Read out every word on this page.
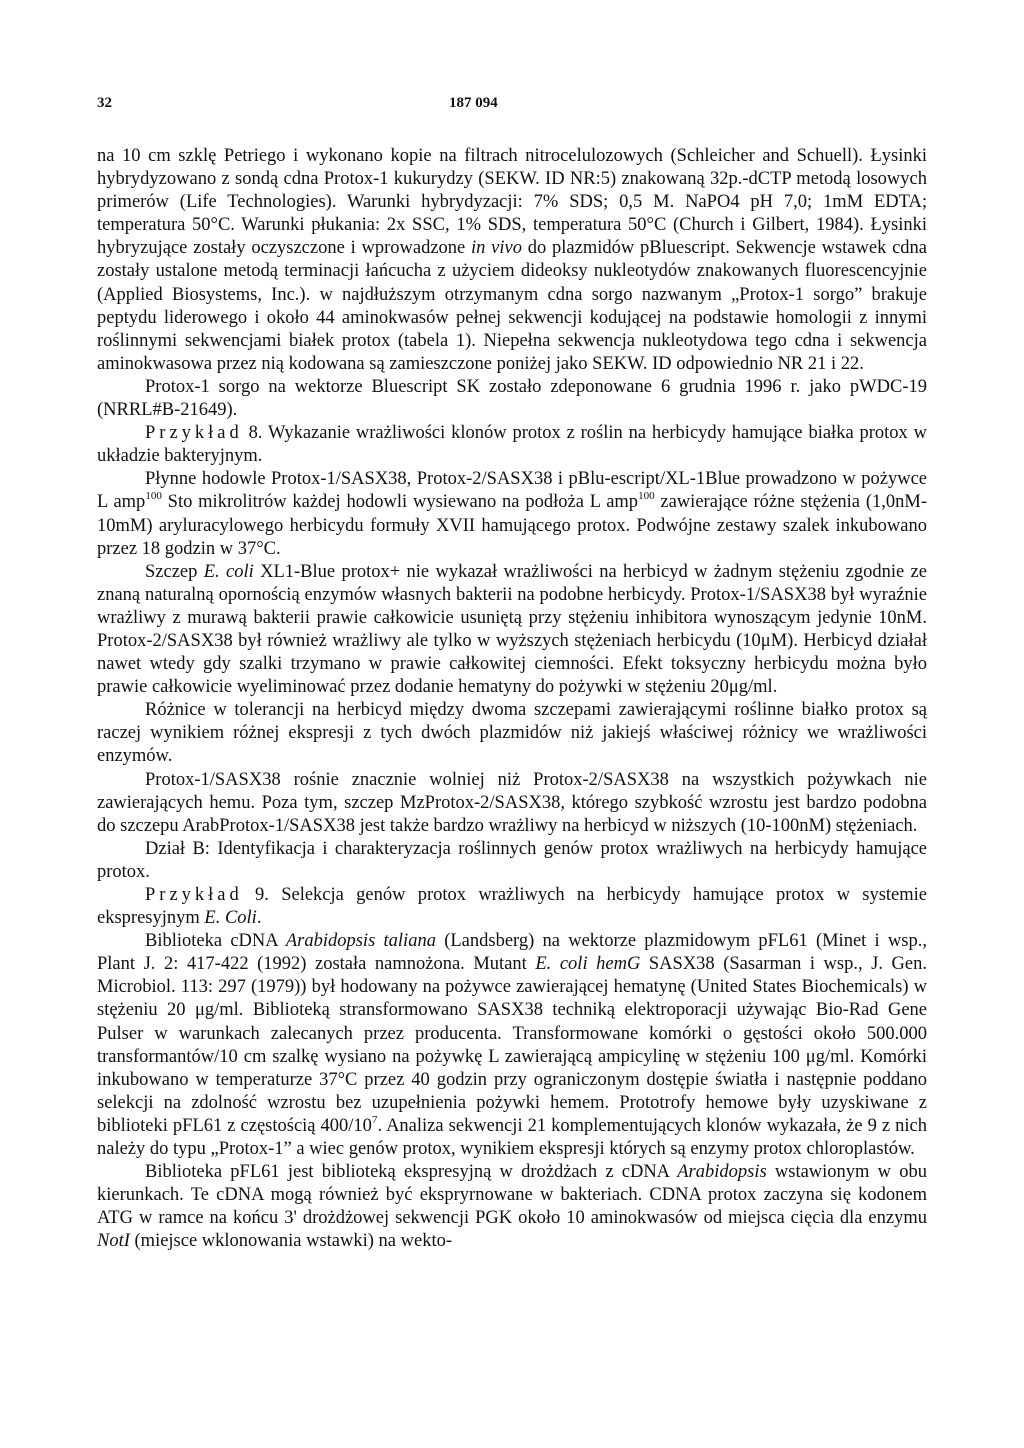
32	187 094

na 10 cm szklę Petriego i wykonano kopie na filtrach nitrocelulozowych (Schleicher and Schuell). Łysinki hybrydyzowano z sondą cdna Protox-1 kukurydzy (SEKW. ID NR:5) znakowaną 32p.-dCTP metodą losowych primerów (Life Technologies). Warunki hybrydyzacji: 7% SDS; 0,5 M. NaPO4 pH 7,0; 1mM EDTA; temperatura 50°C. Warunki płukania: 2x SSC, 1% SDS, temperatura 50°C (Church i Gilbert, 1984). Łysinki hybryzujące zostały oczyszczone i wprowadzone in vivo do plazmidów pBluescript. Sekwencje wstawek cdna zostały ustalone metodą terminacji łańcucha z użyciem dideoksy nukleotydów znakowanych fluorescencyjnie (Applied Biosystems, Inc.). w najdłuższym otrzymanym cdna sorgo nazwanym „Protox-1 sorgo” brakuje peptydu liderowego i około 44 aminokwasów pełnej sekwencji kodującej na podstawie homologii z innymi roślinnymi sekwencjami białek protox (tabela 1). Niepełna sekwencja nukleotydowa tego cdna i sekwencja aminokwasowa przez nią kodowana są zamieszczone poniżej jako SEKW. ID odpowiednio NR 21 i 22.

Protox-1 sorgo na wektorze Bluescript SK zostało zdeponowane 6 grudnia 1996 r. jako pWDC-19 (NRRL#B-21649).

Przykład 8. Wykazanie wrażliwości klonów protox z roślin na herbicydy hamujące białka protox w układzie bakteryjnym.

Płynne hodowle Protox-1/SASX38, Protox-2/SASX38 i pBlu-escript/XL-1Blue prowadzono w pożywce L amp$^{100}$ Sto mikrolitrów każdej hodowli wysiewano na podłoża L amp$^{100}$ zawierające różne stężenia (1,0nM-10mM) aryluracylowego herbicydu formuły XVII hamującego protox. Podwójne zestawy szalek inkubowano przez 18 godzin w 37°C.

Szczep E. coli XL1-Blue protox+ nie wykazał wrażliwości na herbicyd w żadnym stężeniu zgodnie ze znaną naturalną opornością enzymów własnych bakterii na podobne herbicydy. Protox-1/SASX38 był wyraźnie wrażliwy z murawą bakterii prawie całkowicie usuniętą przy stężeniu inhibitora wynoszącym jedynie 10nM. Protox-2/SASX38 był również wrażliwy ale tylko w wyższych stężeniach herbicydu (10μM). Herbicyd działał nawet wtedy gdy szalki trzymano w prawie całkowitej ciemności. Efekt toksyczny herbicydu można było prawie całkowicie wyeliminować przez dodanie hematyny do pożywki w stężeniu 20μg/ml.

Różnice w tolerancji na herbicyd między dwoma szczepami zawierającymi roślinne białko protox są raczej wynikiem różnej ekspresji z tych dwóch plazmidów niż jakiejś właściwej różnicy we wrażliwości enzymów.

Protox-1/SASX38 rośnie znacznie wolniej niż Protox-2/SASX38 na wszystkich pożywkach nie zawierających hemu. Poza tym, szczep MzProtox-2/SASX38, którego szybkość wzrostu jest bardzo podobna do szczepu ArabProtox-1/SASX38 jest także bardzo wrażliwy na herbicyd w niższych (10-100nM) stężeniach.

Dział B: Identyfikacja i charakteryzacja roślinnych genów protox wrażliwych na herbicydy hamujące protox.

Przykład 9. Selekcja genów protox wrażliwych na herbicydy hamujące protox w systemie ekspresyjnym E. Coli.

Biblioteka cDNA Arabidopsis taliana (Landsberg) na wektorze plazmidowym pFL61 (Minet i wsp., Plant J. 2: 417-422 (1992) została namnożona. Mutant E. coli hemG SASX38 (Sasarman i wsp., J. Gen. Microbiol. 113: 297 (1979)) był hodowany na pożywce zawierającej hematynę (United States Biochemicals) w stężeniu 20 μg/ml. Biblioteką stransformowano SASX38 techniką elektroporacji używając Bio-Rad Gene Pulser w warunkach zalecanych przez producenta. Transformowane komórki o gęstości około 500.000 transformantów/10 cm szalkę wysiano na pożywkę L zawierającą ampicylinę w stężeniu 100 μg/ml. Komórki inkubowano w temperaturze 37°C przez 40 godzin przy ograniczonym dostępie światła i następnie poddano selekcji na zdolność wzrostu bez uzupełnienia pożywki hemem. Prototrofy hemowe były uzyskiwane z biblioteki pFL61 z częstością $400/10^7$. Analiza sekwencji 21 komplementujących klonów wykazała, że 9 z nich należy do typu „Protox-1” a wiec genów protox, wynikiem ekspresji których są enzymy protox chloroplastów.

Biblioteka pFL61 jest biblioteką ekspresyjną w drożdżach z cDNA Arabidopsis wstawionym w obu kierunkach. Te cDNA mogą również być ekspryrnowane w bakteriach. CDNA protox zaczyna się kodonem ATG w ramce na końcu 3' drożdżowej sekwencji PGK około 10 aminokwasów od miejsca cięcia dla enzymu NotI (miejsce wklonowania wstawki) na wekto-
